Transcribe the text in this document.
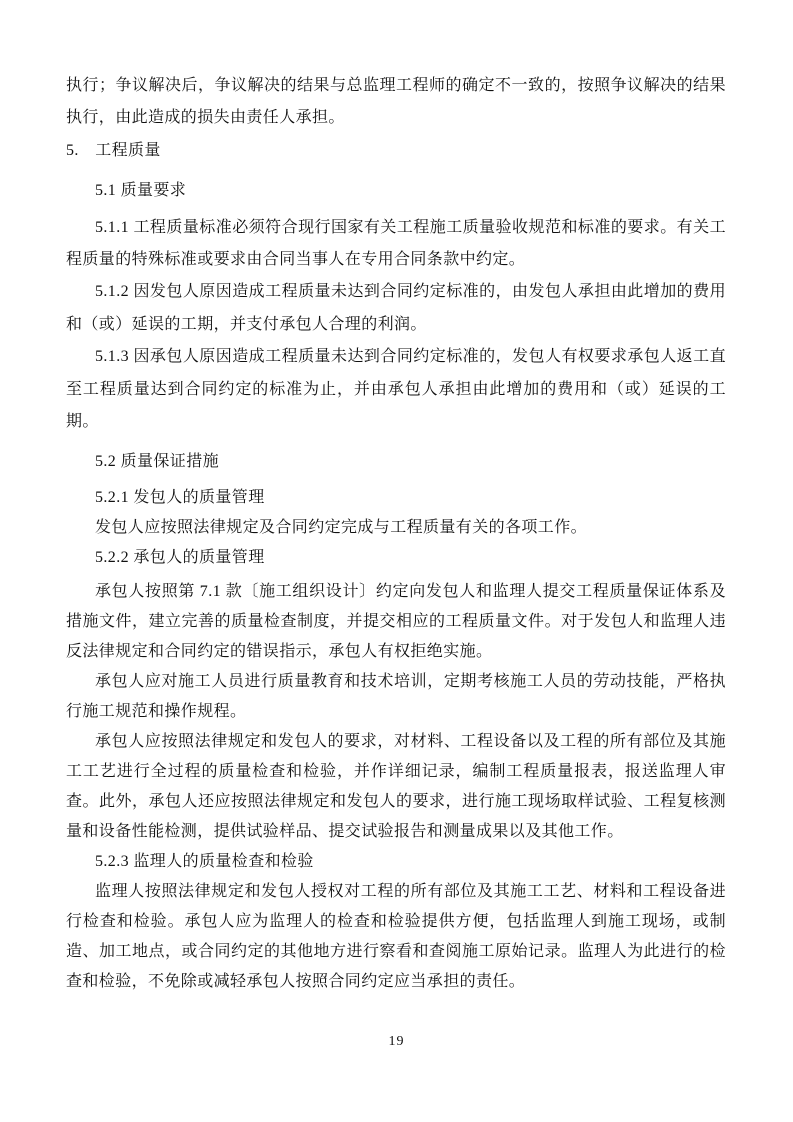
执行；争议解决后，争议解决的结果与总监理工程师的确定不一致的，按照争议解决的结果执行，由此造成的损失由责任人承担。

5.　工程质量

5.1 质量要求

5.1.1 工程质量标准必须符合现行国家有关工程施工质量验收规范和标准的要求。有关工程质量的特殊标准或要求由合同当事人在专用合同条款中约定。

5.1.2 因发包人原因造成工程质量未达到合同约定标准的，由发包人承担由此增加的费用和（或）延误的工期，并支付承包人合理的利润。

5.1.3 因承包人原因造成工程质量未达到合同约定标准的，发包人有权要求承包人返工直至工程质量达到合同约定的标准为止，并由承包人承担由此增加的费用和（或）延误的工期。

5.2 质量保证措施

5.2.1 发包人的质量管理

发包人应按照法律规定及合同约定完成与工程质量有关的各项工作。

5.2.2 承包人的质量管理

承包人按照第 7.1 款〔施工组织设计〕约定向发包人和监理人提交工程质量保证体系及措施文件，建立完善的质量检查制度，并提交相应的工程质量文件。对于发包人和监理人违反法律规定和合同约定的错误指示，承包人有权拒绝实施。

承包人应对施工人员进行质量教育和技术培训，定期考核施工人员的劳动技能，严格执行施工规范和操作规程。

承包人应按照法律规定和发包人的要求，对材料、工程设备以及工程的所有部位及其施工工艺进行全过程的质量检查和检验，并作详细记录，编制工程质量报表，报送监理人审查。此外，承包人还应按照法律规定和发包人的要求，进行施工现场取样试验、工程复核测量和设备性能检测，提供试验样品、提交试验报告和测量成果以及其他工作。

5.2.3 监理人的质量检查和检验

监理人按照法律规定和发包人授权对工程的所有部位及其施工工艺、材料和工程设备进行检查和检验。承包人应为监理人的检查和检验提供方便，包括监理人到施工现场，或制造、加工地点，或合同约定的其他地方进行察看和查阅施工原始记录。监理人为此进行的检查和检验，不免除或减轻承包人按照合同约定应当承担的责任。

19
